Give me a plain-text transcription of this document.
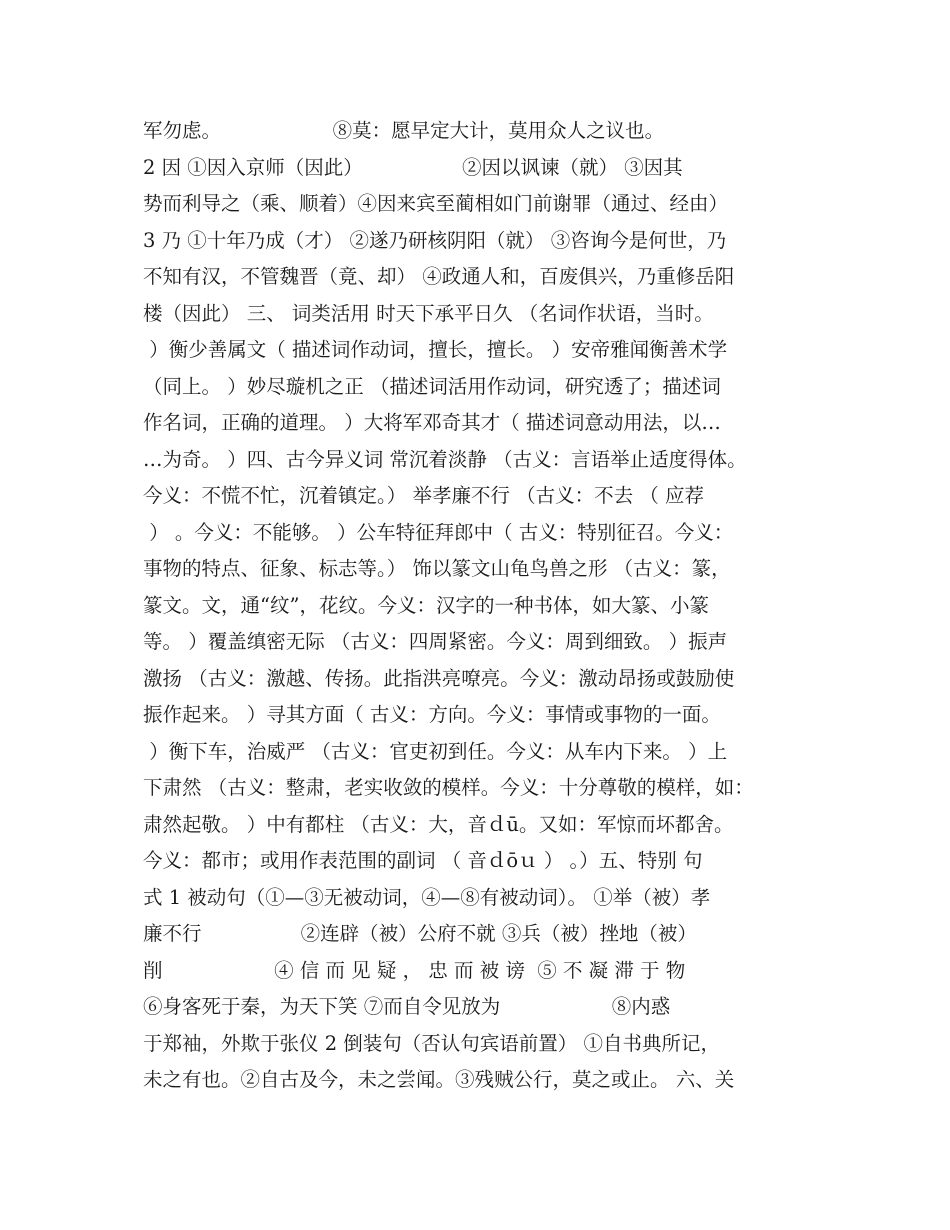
军勿虑。                  ⑧莫：愿早定大计，莫用众人之议也。
2 因 ①因入京师（因此）                ②因以讽谏（就） ③因其
势而利导之（乘、顺着）④因来宾至蔺相如门前谢罪（通过、经由）
3 乃 ①十年乃成（才） ②遂乃研核阴阳（就） ③咨询今是何世，乃
不知有汉，不管魏晋（竟、却） ④政通人和，百废俱兴，乃重修岳阳
楼（因此） 三、 词类活用 时天下承平日久 （名词作状语，当时。
）衡少善属文（ 描述词作动词，擅长，擅长。 ）安帝雅闻衡善术学
（同上。 ）妙尽璇机之正 （描述词活用作动词，研究透了；描述词
作名词，正确的道理。 ）大将军邓奇其才（ 描述词意动用法，以…
…为奇。 ）四、古今异义词 常沉着淡静 （古义：言语举止适度得体。
今义：不慌不忙，沉着镇定。） 举孝廉不行 （古义：不去 （ 应荐
） 。今义：不能够。 ）公车特征拜郎中（ 古义：特别征召。今义：
事物的特点、征象、标志等。） 饰以篆文山龟鸟兽之形 （古义：篆，
篆文。文，通“纹”，花纹。今义：汉字的一种书体，如大篆、小篆
等。 ）覆盖缜密无际 （古义：四周紧密。今义：周到细致。 ）振声
激扬 （古义：激越、传扬。此指洪亮嘹亮。今义：激动昂扬或鼓励使
振作起来。 ）寻其方面（ 古义：方向。今义：事情或事物的一面。
）衡下车，治威严 （古义：官吏初到任。今义：从车内下来。 ）上
下肃然 （古义：整肃，老实收敛的模样。今义：十分尊敬的模样，如：
肃然起敬。 ）中有都柱 （古义：大，音ｄū。又如：军惊而坏都舍。
今义：都市；或用作表范围的副词 （ 音ｄōｕ ） 。）五、特别 句
式 1 被动句（①—③无被动词，④—⑧有被动词）。 ①举（被）孝
廉不行                ②连辟（被）公府不就 ③兵（被）挫地（被）
削                  ④ 信 而 见 疑 ， 忠 而 被 谤  ⑤ 不 凝 滞 于 物
⑥身客死于秦，为天下笑 ⑦而自令见放为                  ⑧内惑
于郑袖，外欺于张仪 2 倒装句（否认句宾语前置） ①自书典所记，
未之有也。②自古及今，未之尝闻。③残贼公行，莫之或止。 六、关
